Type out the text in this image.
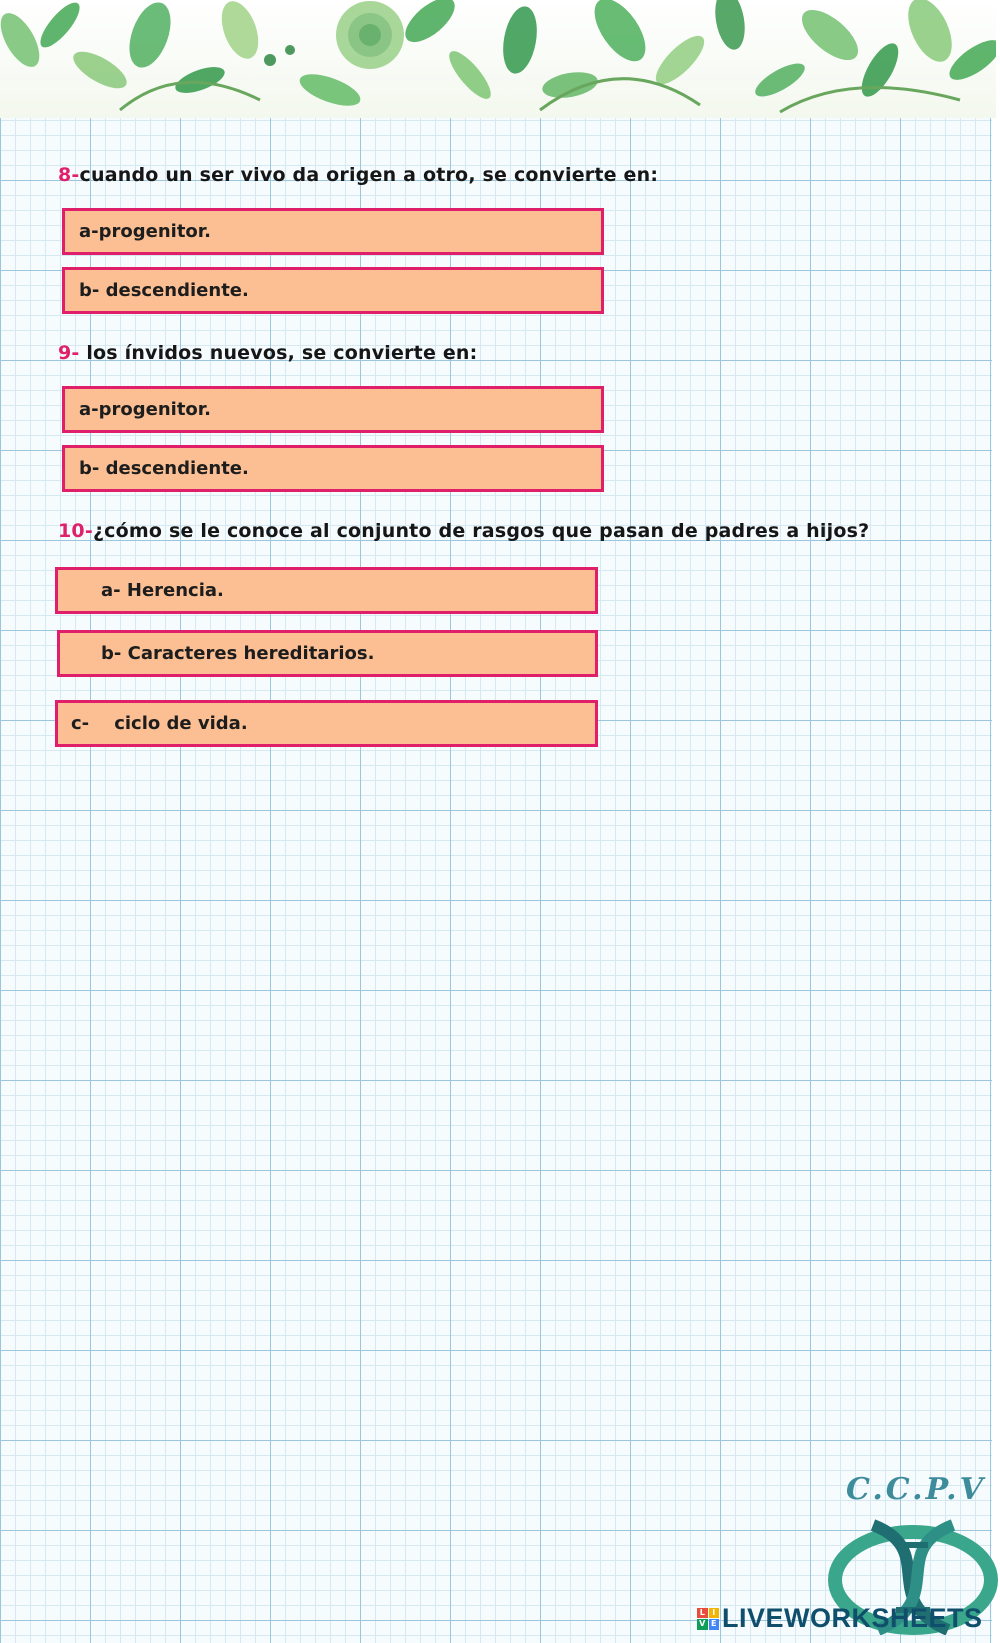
8-cuando un ser vivo da origen a otro, se convierte en:
a-progenitor.
b- descendiente.
9- los ínvidos nuevos, se convierte en:
a-progenitor.
b- descendiente.
10-¿cómo se le conoce al conjunto de rasgos que pasan de padres a hijos?
a- Herencia.
b- Caracteres hereditarios.
c-    ciclo de vida.
C.C.P.V
L I
V E LIVEWORKSHEETS
